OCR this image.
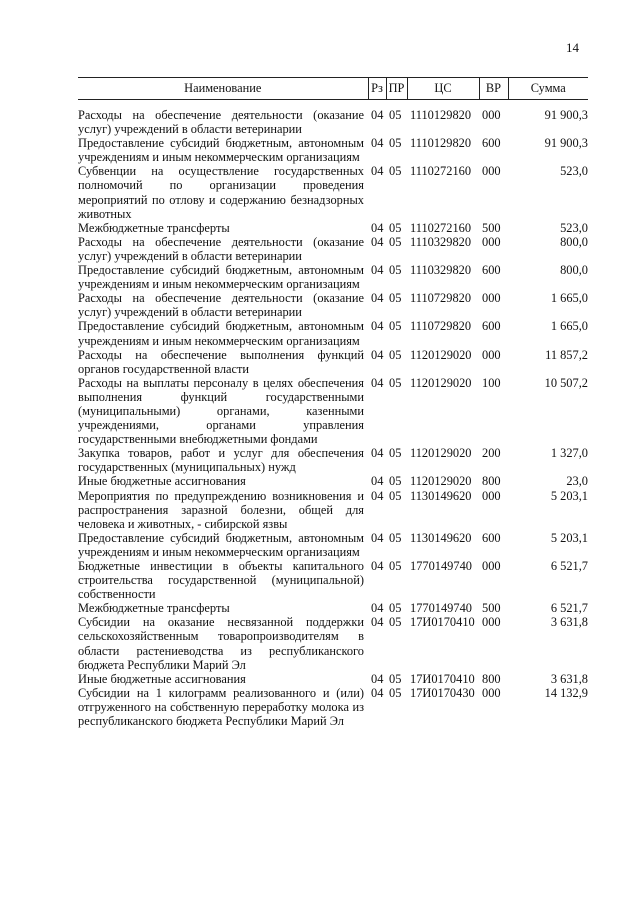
14
Наименование	Рз	ПР	ЦС	ВР	Сумма
Расходы на обеспечение деятельности (оказание услуг) учреждений в области ветеринарии	04	05	1110129820	000	91 900,3
Предоставление субсидий бюджетным, автономным учреждениям и иным некоммерческим организациям	04	05	1110129820	600	91 900,3
Субвенции на осуществление государственных полномочий по организации проведения мероприятий по отлову и содержанию безнадзорных животных	04	05	1110272160	000	523,0
Межбюджетные трансферты	04	05	1110272160	500	523,0
Расходы на обеспечение деятельности (оказание услуг) учреждений в области ветеринарии	04	05	1110329820	000	800,0
Предоставление субсидий бюджетным, автономным учреждениям и иным некоммерческим организациям	04	05	1110329820	600	800,0
Расходы на обеспечение деятельности (оказание услуг) учреждений в области ветеринарии	04	05	1110729820	000	1 665,0
Предоставление субсидий бюджетным, автономным учреждениям и иным некоммерческим организациям	04	05	1110729820	600	1 665,0
Расходы на обеспечение выполнения функций органов государственной власти	04	05	1120129020	000	11 857,2
Расходы на выплаты персоналу в целях обеспечения выполнения функций государственными (муниципальными) органами, казенными учреждениями, органами управления государственными внебюджетными фондами	04	05	1120129020	100	10 507,2
Закупка товаров, работ и услуг для обеспечения государственных (муниципальных) нужд	04	05	1120129020	200	1 327,0
Иные бюджетные ассигнования	04	05	1120129020	800	23,0
Мероприятия по предупреждению возникновения и распространения заразной болезни, общей для человека и животных, - сибирской язвы	04	05	1130149620	000	5 203,1
Предоставление субсидий бюджетным, автономным учреждениям и иным некоммерческим организациям	04	05	1130149620	600	5 203,1
Бюджетные инвестиции в объекты капитального строительства государственной (муниципальной) собственности	04	05	1770149740	000	6 521,7
Межбюджетные трансферты	04	05	1770149740	500	6 521,7
Субсидии на оказание несвязанной поддержки сельскохозяйственным товаропроизводителям в области растениеводства из республиканского бюджета Республики Марий Эл	04	05	17И0170410	000	3 631,8
Иные бюджетные ассигнования	04	05	17И0170410	800	3 631,8
Субсидии на 1 килограмм реализованного и (или) отгруженного на собственную переработку молока из республиканского бюджета Республики Марий Эл	04	05	17И0170430	000	14 132,9
